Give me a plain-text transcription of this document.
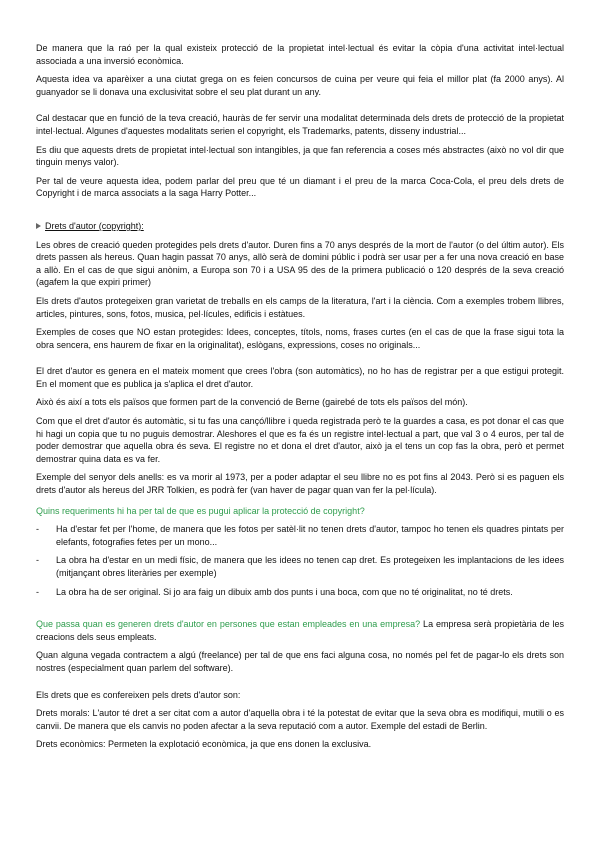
De manera que la raó per la qual existeix protecció de la propietat intel·lectual és evitar la còpia d'una activitat intel·lectual associada a una inversió econòmica.

Aquesta idea va aparèixer a una ciutat grega on es feien concursos de cuina per veure qui feia el millor plat (fa 2000 anys). Al guanyador se li donava una exclusivitat sobre el seu plat durant un any.

Cal destacar que en funció de la teva creació, hauràs de fer servir una modalitat determinada dels drets de protecció de la propietat intel·lectual. Algunes d'aquestes modalitats serien el copyright, els Trademarks, patents, disseny industrial...

Es diu que aquests drets de propietat intel·lectual son intangibles, ja que fan referencia a coses més abstractes (això no vol dir que tinguin menys valor).

Per tal de veure aquesta idea, podem parlar del preu que té un diamant i el preu de la marca Coca-Cola, el preu dels drets de Copyright i de marca associats a la saga Harry Potter...

Drets d'autor (copyright):

Les obres de creació queden protegides pels drets d'autor. Duren fins a 70 anys després de la mort de l'autor (o del últim autor). Els drets passen als hereus. Quan hagin passat 70 anys, allò serà de domini públic i podrà ser usar per a fer una nova creació en base a allò. En el cas de que sigui anònim, a Europa son 70 i a USA 95 des de la primera publicació o 120 després de la seva creació (agafem la que expiri primer)

Els drets d'autos protegeixen gran varietat de treballs en els camps de la literatura, l'art i la ciència. Com a exemples trobem llibres, articles, pintures, sons, fotos, musica, pel·lícules, edificis i estàtues.

Exemples de coses que NO estan protegides: Idees, conceptes, títols, noms, frases curtes (en el cas de que la frase sigui tota la obra sencera, ens haurem de fixar en la originalitat), eslògans, expressions, coses no originals...

El dret d'autor es genera en el mateix moment que crees l'obra (son automàtics), no ho has de registrar per a que estigui protegit. En el moment que es publica ja s'aplica el dret d'autor.

Això és així a tots els països que formen part de la convenció de Berne (gairebé de tots els països del món).

Com que el dret d'autor és automàtic, si tu fas una cançó/llibre i queda registrada però te la guardes a casa, es pot donar el cas que hi hagi un copia que tu no puguis demostrar. Aleshores el que es fa és un registre intel·lectual a part, que val 3 o 4 euros, per tal de poder demostrar que aquella obra és seva. El registre no et dona el dret d'autor, això ja el tens un cop fas la obra, però et permet demostrar quina data es va fer.

Exemple del senyor dels anells: es va morir al 1973, per a poder adaptar el seu llibre no es pot fins al 2043. Però si es paguen els drets d'autor als hereus del JRR Tolkien, es podrà fer (van haver de pagar quan van fer la pel·lícula).

Quins requeriments hi ha per tal de que es pugui aplicar la protecció de copyright?

-	Ha d'estar fet per l'home, de manera que les fotos per satèl·lit no tenen drets d'autor, tampoc ho tenen els quadres pintats per elefants, fotografies fetes per un mono...
-	La obra ha d'estar en un medi físic, de manera que les idees no tenen cap dret. Es protegeixen les implantacions de les idees (mitjançant obres literàries per exemple)
-	La obra ha de ser original. Si jo ara faig un dibuix amb dos punts i una boca, com que no té originalitat, no té drets.

Que passa quan es generen drets d'autor en persones que estan empleades en una empresa? La empresa serà propietària de les creacions dels seus empleats.

Quan alguna vegada contractem a algú (freelance) per tal de que ens faci alguna cosa, no només pel fet de pagar-lo els drets son nostres (especialment quan parlem del software).

Els drets que es confereixen pels drets d'autor son:

Drets morals: L'autor té dret a ser citat com a autor d'aquella obra i té la potestat de evitar que la seva obra es modifiqui, mutili o es canvii. De manera que els canvis no poden afectar a la seva reputació com a autor. Exemple del estadi de Berlin.

Drets econòmics: Permeten la explotació econòmica, ja que ens donen la exclusiva.
